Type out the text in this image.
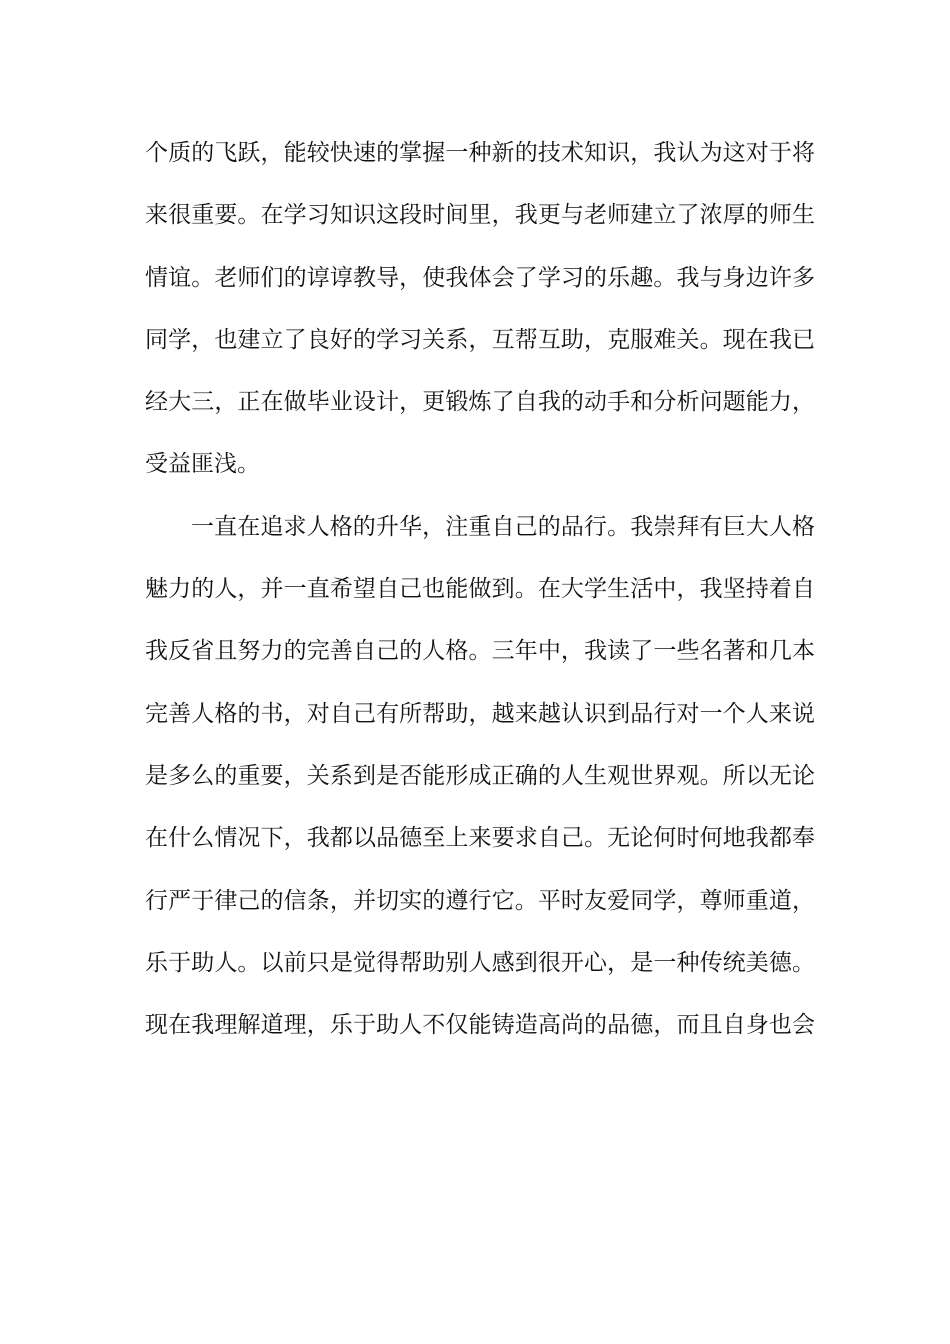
个质的飞跃，能较快速的掌握一种新的技术知识，我认为这对于将
来很重要。在学习知识这段时间里，我更与老师建立了浓厚的师生
情谊。老师们的谆谆教导，使我体会了学习的乐趣。我与身边许多
同学，也建立了良好的学习关系，互帮互助，克服难关。现在我已
经大三，正在做毕业设计，更锻炼了自我的动手和分析问题能力，
受益匪浅。
一直在追求人格的升华，注重自己的品行。我崇拜有巨大人格
魅力的人，并一直希望自己也能做到。在大学生活中，我坚持着自
我反省且努力的完善自己的人格。三年中，我读了一些名著和几本
完善人格的书，对自己有所帮助，越来越认识到品行对一个人来说
是多么的重要，关系到是否能形成正确的人生观世界观。所以无论
在什么情况下，我都以品德至上来要求自己。无论何时何地我都奉
行严于律己的信条，并切实的遵行它。平时友爱同学，尊师重道，
乐于助人。以前只是觉得帮助别人感到很开心，是一种传统美德。
现在我理解道理，乐于助人不仅能铸造高尚的品德，而且自身也会
